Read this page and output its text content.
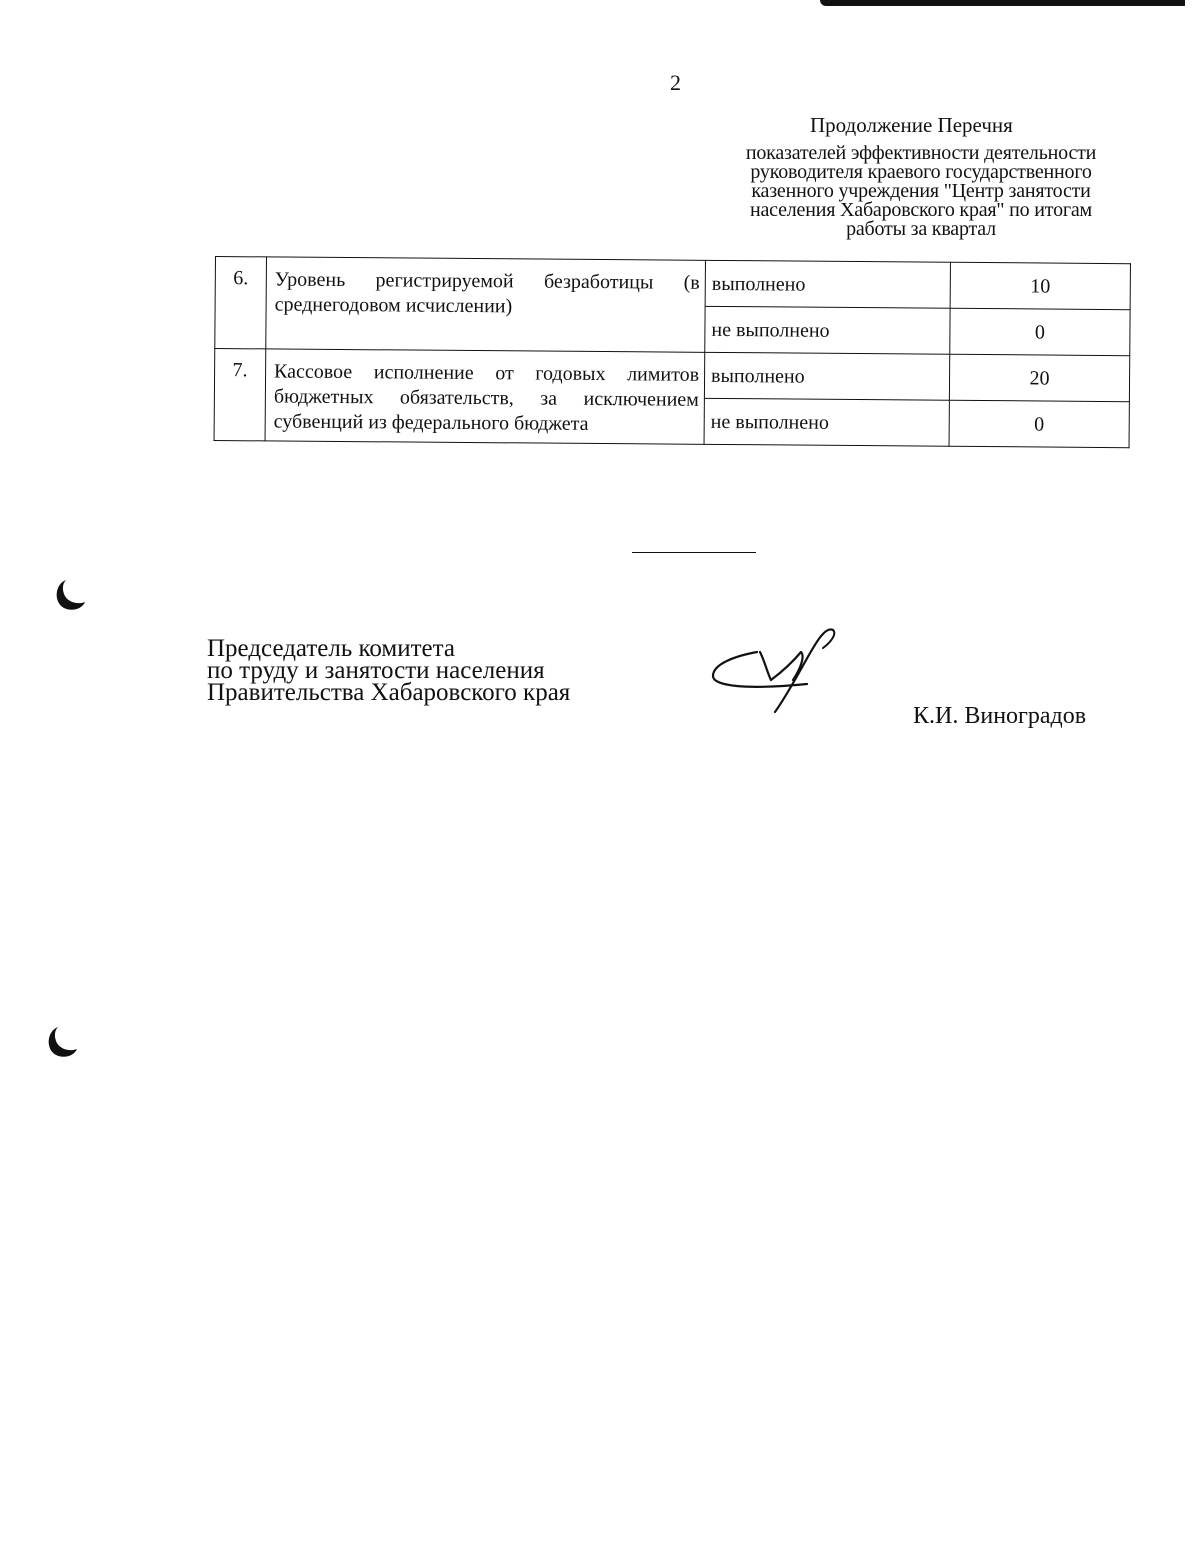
2
Продолжение Перечня
показателей эффективности деятельности
руководителя краевого государственного
казенного учреждения "Центр занятости
населения Хабаровского края" по итогам
работы за квартал
6.	Уровень регистрируемой безработицы (в среднегодовом исчислении)	выполнено	10
		не выполнено	0
7.	Кассовое исполнение от годовых лимитов бюджетных обязательств, за исключением субвенций из федерального бюджета	выполнено	20
		не выполнено	0
Председатель комитета
по труду и занятости населения
Правительства Хабаровского края
К.И. Виноградов
